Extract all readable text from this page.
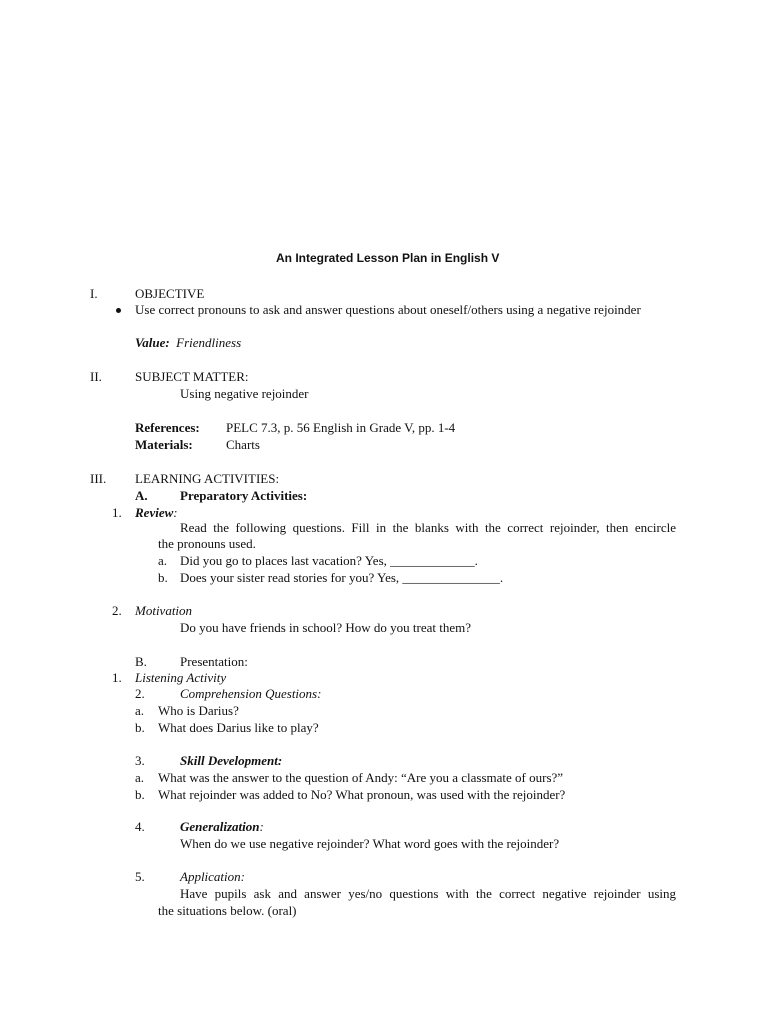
An Integrated Lesson Plan in English V
I.	OBJECTIVE
Use correct pronouns to ask and answer questions about oneself/others using a negative rejoinder
Value: Friendliness
II.	SUBJECT MATTER:
Using negative rejoinder
References: PELC 7.3, p. 56 English in Grade V, pp. 1-4
Materials:	Charts
III. LEARNING ACTIVITIES:
A. Preparatory Activities:
1. Review:
Read the following questions. Fill in the blanks with the correct rejoinder, then encircle
the pronouns used.
a. Did you go to places last vacation? Yes, _____________.
b. Does your sister read stories for you? Yes, _______________.
2. Motivation
Do you have friends in school? How do you treat them?
B.	Presentation:
1. Listening Activity
2.	Comprehension Questions:
a. Who is Darius?
b. What does Darius like to play?
3.	Skill Development:
a. What was the answer to the question of Andy: “Are you a classmate of ours?”
b. What rejoinder was added to No? What pronoun, was used with the rejoinder?
4.	Generalization:
When do we use negative rejoinder? What word goes with the rejoinder?
5.	Application:
Have pupils ask and answer yes/no questions with the correct negative rejoinder using
the situations below. (oral)
